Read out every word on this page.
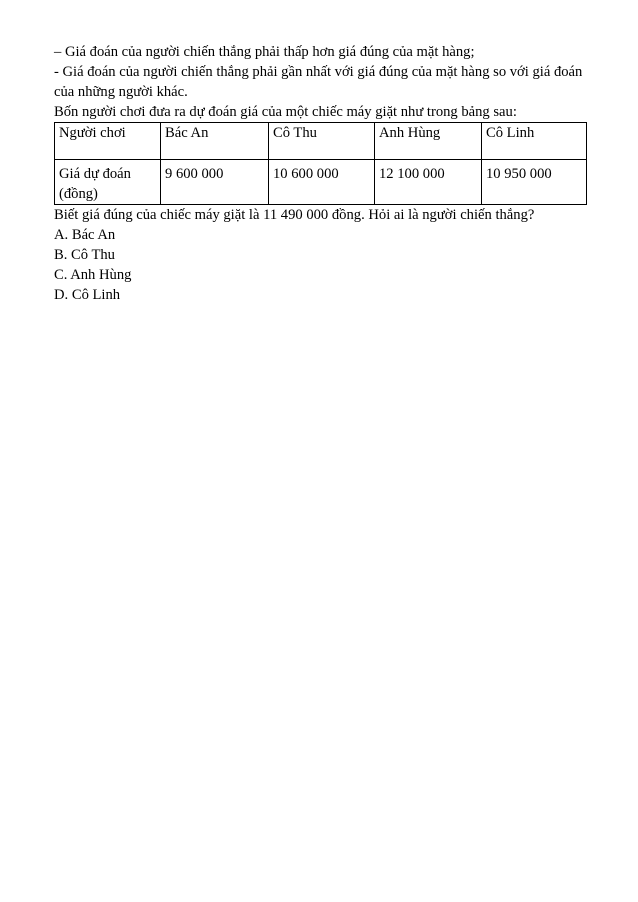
– Giá đoán của người chiến thắng phải thấp hơn giá đúng của mặt hàng;

- Giá đoán của người chiến thắng phải gần nhất với giá đúng của mặt hàng so với giá đoán của những người khác.

Bốn người chơi đưa ra dự đoán giá của một chiếc máy giặt như trong bảng sau:

Người chơi	Bác An	Cô Thu	Anh Hùng	Cô Linh
Giá dự đoán (đồng)	9 600 000	10 600 000	12 100 000	10 950 000

Biết giá đúng của chiếc máy giặt là 11 490 000 đồng. Hỏi ai là người chiến thắng?

A. Bác An

B. Cô Thu

C. Anh Hùng

D. Cô Linh
